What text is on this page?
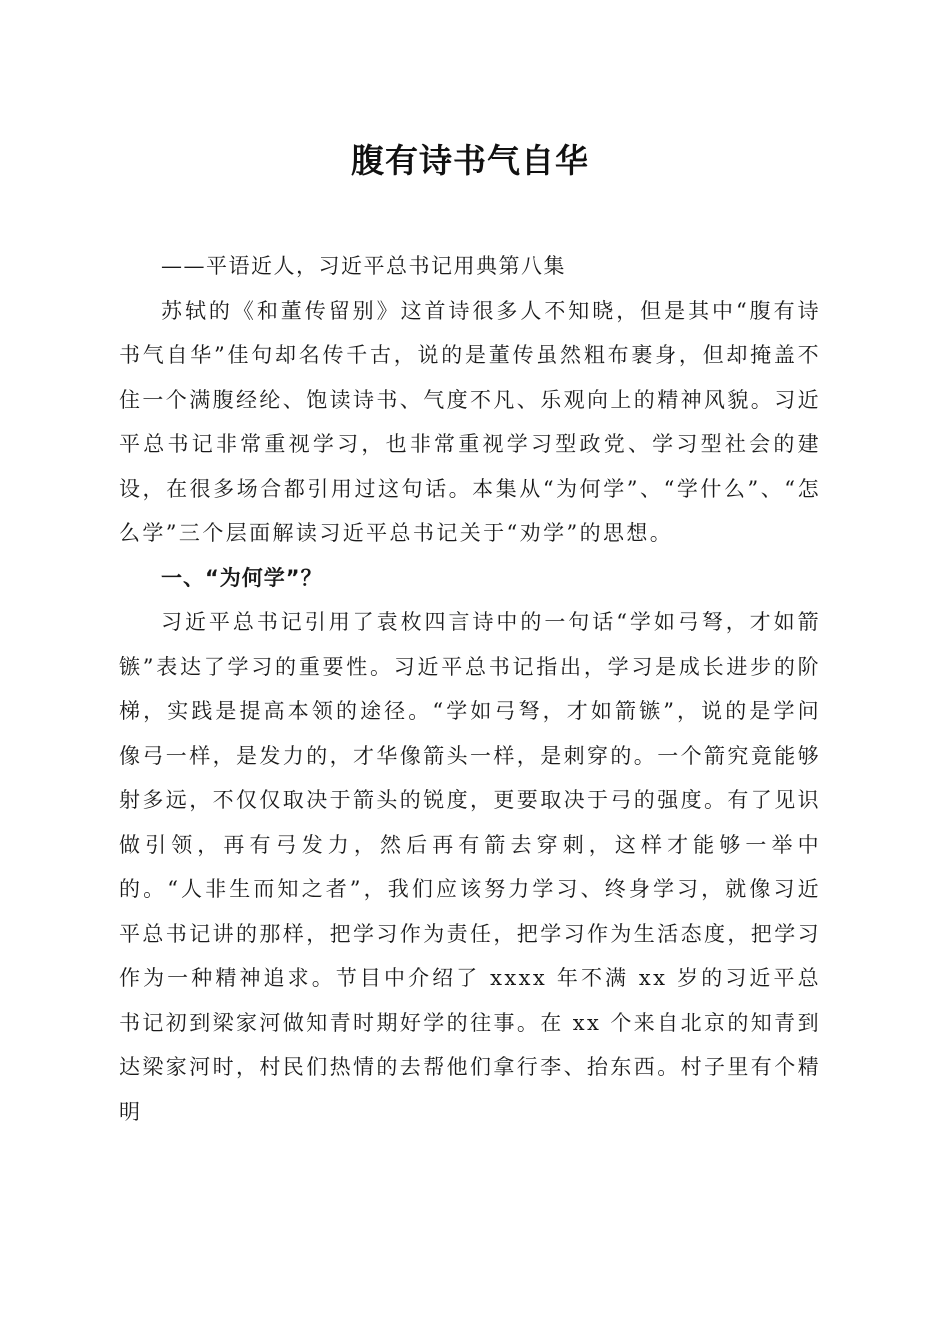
腹有诗书气自华

——平语近人，习近平总书记用典第八集

苏轼的《和董传留别》这首诗很多人不知晓，但是其中“腹有诗书气自华”佳句却名传千古，说的是董传虽然粗布裹身，但却掩盖不住一个满腹经纶、饱读诗书、气度不凡、乐观向上的精神风貌。习近平总书记非常重视学习，也非常重视学习型政党、学习型社会的建设，在很多场合都引用过这句话。本集从“为何学”、“学什么”、“怎么学”三个层面解读习近平总书记关于“劝学”的思想。

一、“为何学”？

习近平总书记引用了袁枚四言诗中的一句话“学如弓弩，才如箭镞”表达了学习的重要性。习近平总书记指出，学习是成长进步的阶梯，实践是提高本领的途径。“学如弓弩，才如箭镞”，说的是学问像弓一样，是发力的，才华像箭头一样，是刺穿的。一个箭究竟能够射多远，不仅仅取决于箭头的锐度，更要取决于弓的强度。有了见识做引领，再有弓发力，然后再有箭去穿刺，这样才能够一举中的。“人非生而知之者”，我们应该努力学习、终身学习，就像习近平总书记讲的那样，把学习作为责任，把学习作为生活态度，把学习作为一种精神追求。节目中介绍了 xxxx 年不满 xx 岁的习近平总书记初到梁家河做知青时期好学的往事。在 xx 个来自北京的知青到达梁家河时，村民们热情的去帮他们拿行李、抬东西。村子里有个精明
